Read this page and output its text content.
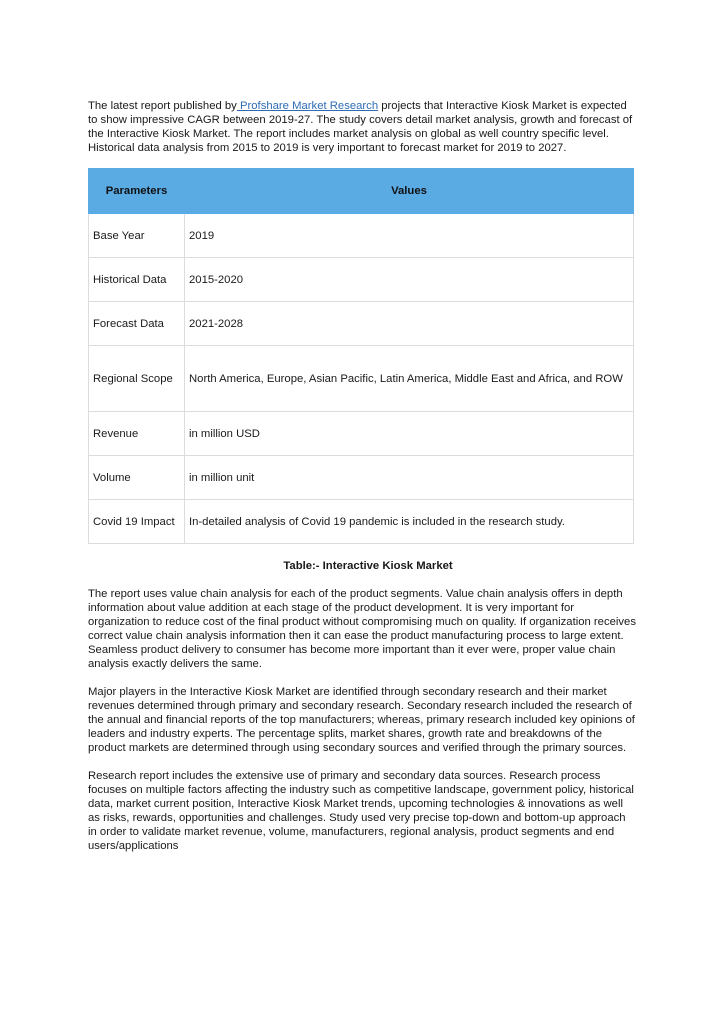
The latest report published by Profshare Market Research projects that Interactive Kiosk Market is expected to show impressive CAGR between 2019-27. The study covers detail market analysis, growth and forecast of the Interactive Kiosk Market. The report includes market analysis on global as well country specific level. Historical data analysis from 2015 to 2019 is very important to forecast market for 2019 to 2027.

Parameters	Values
Base Year	2019
Historical Data	2015-2020
Forecast Data	2021-2028
Regional Scope	North America, Europe, Asian Pacific, Latin America, Middle East and Africa, and ROW
Revenue	in million USD
Volume	in million unit
Covid 19 Impact	In-detailed analysis of Covid 19 pandemic is included in the research study.

Table:- Interactive Kiosk Market

The report uses value chain analysis for each of the product segments. Value chain analysis offers in depth information about value addition at each stage of the product development. It is very important for organization to reduce cost of the final product without compromising much on quality. If organization receives correct value chain analysis information then it can ease the product manufacturing process to large extent. Seamless product delivery to consumer has become more important than it ever were, proper value chain analysis exactly delivers the same.

Major players in the Interactive Kiosk Market are identified through secondary research and their market revenues determined through primary and secondary research. Secondary research included the research of the annual and financial reports of the top manufacturers; whereas, primary research included key opinions of leaders and industry experts. The percentage splits, market shares, growth rate and breakdowns of the product markets are determined through using secondary sources and verified through the primary sources.

Research report includes the extensive use of primary and secondary data sources. Research process focuses on multiple factors affecting the industry such as competitive landscape, government policy, historical data, market current position, Interactive Kiosk Market trends, upcoming technologies & innovations as well as risks, rewards, opportunities and challenges. Study used very precise top-down and bottom-up approach in order to validate market revenue, volume, manufacturers, regional analysis, product segments and end users/applications
